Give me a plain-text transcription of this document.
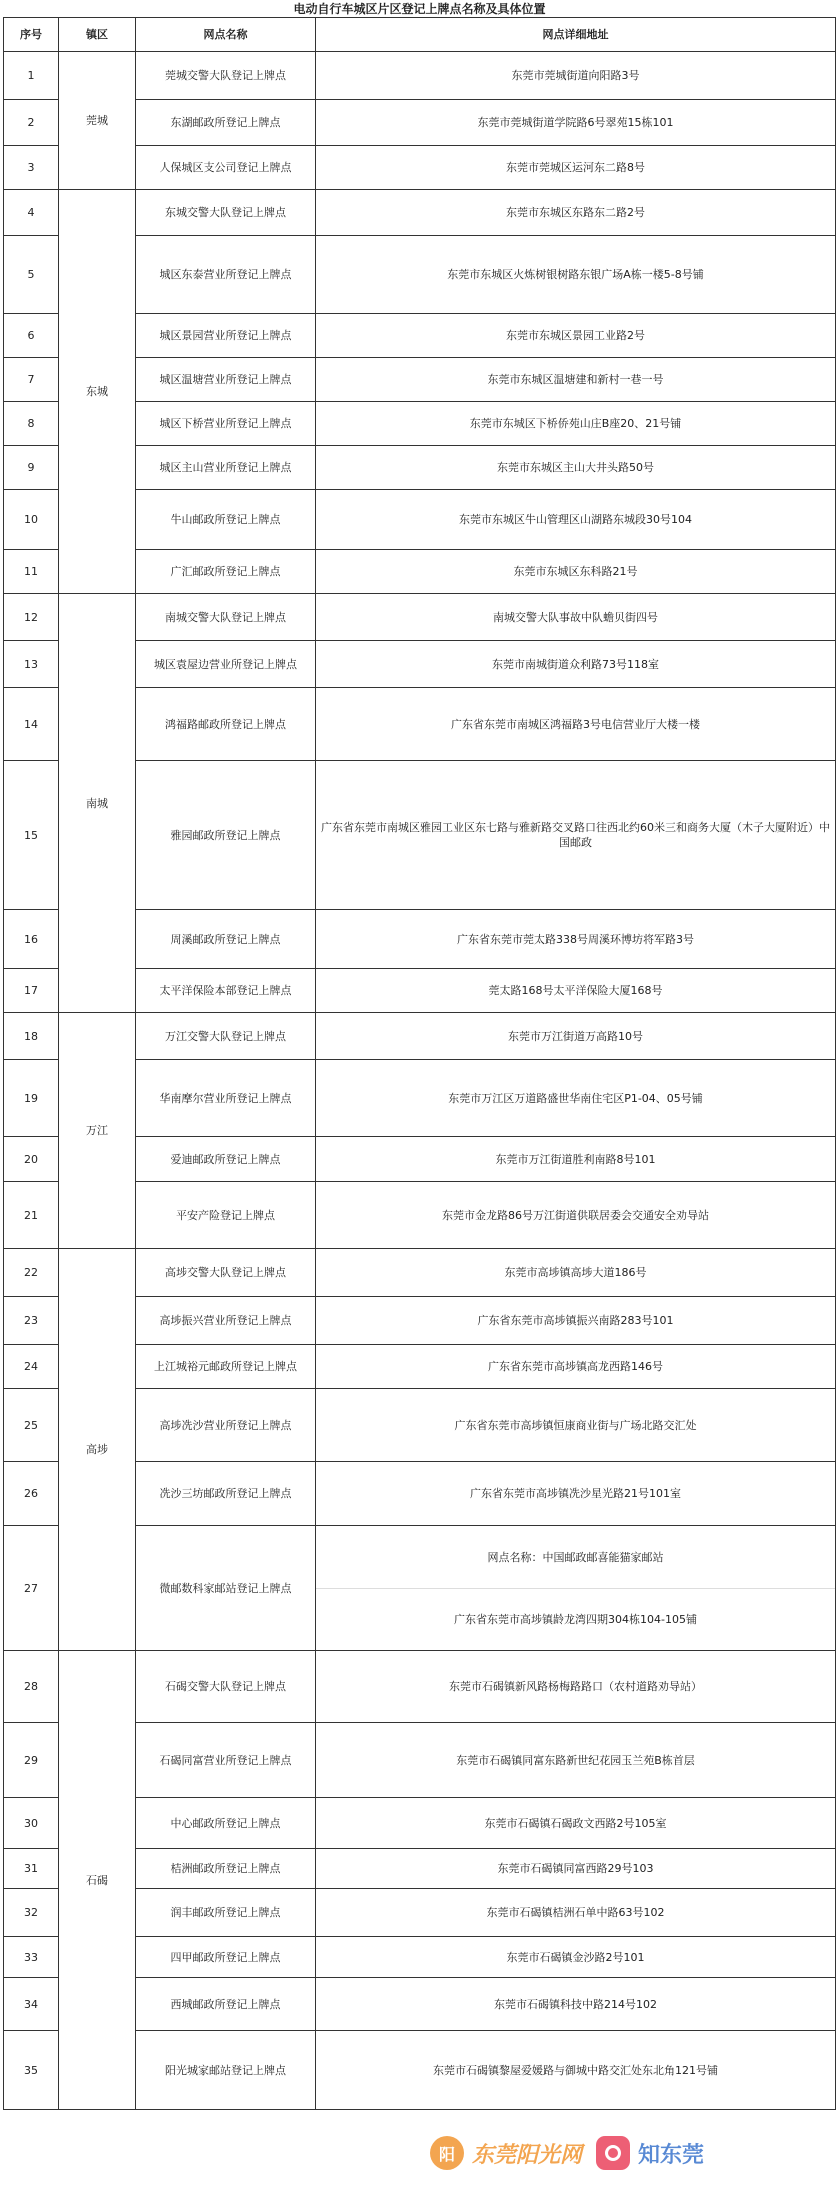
电动自行车城区片区登记上牌点名称及具体位置			
序号	镇区	网点名称	网点详细地址
1	莞城	莞城交警大队登记上牌点	东莞市莞城街道向阳路3号
2		东湖邮政所登记上牌点	东莞市莞城街道学院路6号翠苑15栋101
3		人保城区支公司登记上牌点	东莞市莞城区运河东二路8号
4	东城	东城交警大队登记上牌点	东莞市东城区东路东二路2号
5		城区东泰营业所登记上牌点	东莞市东城区火炼树银树路东银广场A栋一楼5-8号铺
6		城区景园营业所登记上牌点	东莞市东城区景园工业路2号
7		城区温塘营业所登记上牌点	东莞市东城区温塘建和新村一巷一号
8		城区下桥营业所登记上牌点	东莞市东城区下桥侨苑山庄B座20、21号铺
9		城区主山营业所登记上牌点	东莞市东城区主山大井头路50号
10		牛山邮政所登记上牌点	东莞市东城区牛山管理区山湖路东城段30号104
11		广汇邮政所登记上牌点	东莞市东城区东科路21号
12	南城	南城交警大队登记上牌点	南城交警大队事故中队蟾贝街四号
13		城区袁屋边营业所登记上牌点	东莞市南城街道众利路73号118室
14		鸿福路邮政所登记上牌点	广东省东莞市南城区鸿福路3号电信营业厅大楼一楼
15		雅园邮政所登记上牌点	广东省东莞市南城区雅园工业区东七路与雅新路交叉路口往西北约60米三和商务大厦（木子大厦附近）中国邮政
16		周溪邮政所登记上牌点	广东省东莞市莞太路338号周溪环博坊将军路3号
17		太平洋保险本部登记上牌点	莞太路168号太平洋保险大厦168号
18	万江	万江交警大队登记上牌点	东莞市万江街道万高路10号
19		华南摩尔营业所登记上牌点	东莞市万江区万道路盛世华南住宅区P1-04、05号铺
20		爱迪邮政所登记上牌点	东莞市万江街道胜利南路8号101
21		平安产险登记上牌点	东莞市金龙路86号万江街道供联居委会交通安全劝导站
22	高埗	高埗交警大队登记上牌点	东莞市高埗镇高埗大道186号
23		高埗振兴营业所登记上牌点	广东省东莞市高埗镇振兴南路283号101
24		上江城裕元邮政所登记上牌点	广东省东莞市高埗镇高龙西路146号
25		高埗冼沙营业所登记上牌点	广东省东莞市高埗镇恒康商业街与广场北路交汇处
26		冼沙三坊邮政所登记上牌点	广东省东莞市高埗镇冼沙星光路21号101室
27		微邮数科家邮站登记上牌点	网点名称：中国邮政邮喜能猫家邮站
广东省东莞市高埗镇龄龙湾四期304栋104-105铺

28	石碣	石碣交警大队登记上牌点	东莞市石碣镇新风路杨梅路路口（农村道路劝导站）
29		石碣同富营业所登记上牌点	东莞市石碣镇同富东路新世纪花园玉兰苑B栋首层
30		中心邮政所登记上牌点	东莞市石碣镇石碣政文西路2号105室
31		桔洲邮政所登记上牌点	东莞市石碣镇同富西路29号103
32		润丰邮政所登记上牌点	东莞市石碣镇桔洲石单中路63号102
33		四甲邮政所登记上牌点	东莞市石碣镇金沙路2号101
34		西城邮政所登记上牌点	东莞市石碣镇科技中路214号102
35		阳光城家邮站登记上牌点	东莞市石碣镇黎屋爱媛路与御城中路交汇处东北角121号铺
阳 东莞阳光网	知东莞
